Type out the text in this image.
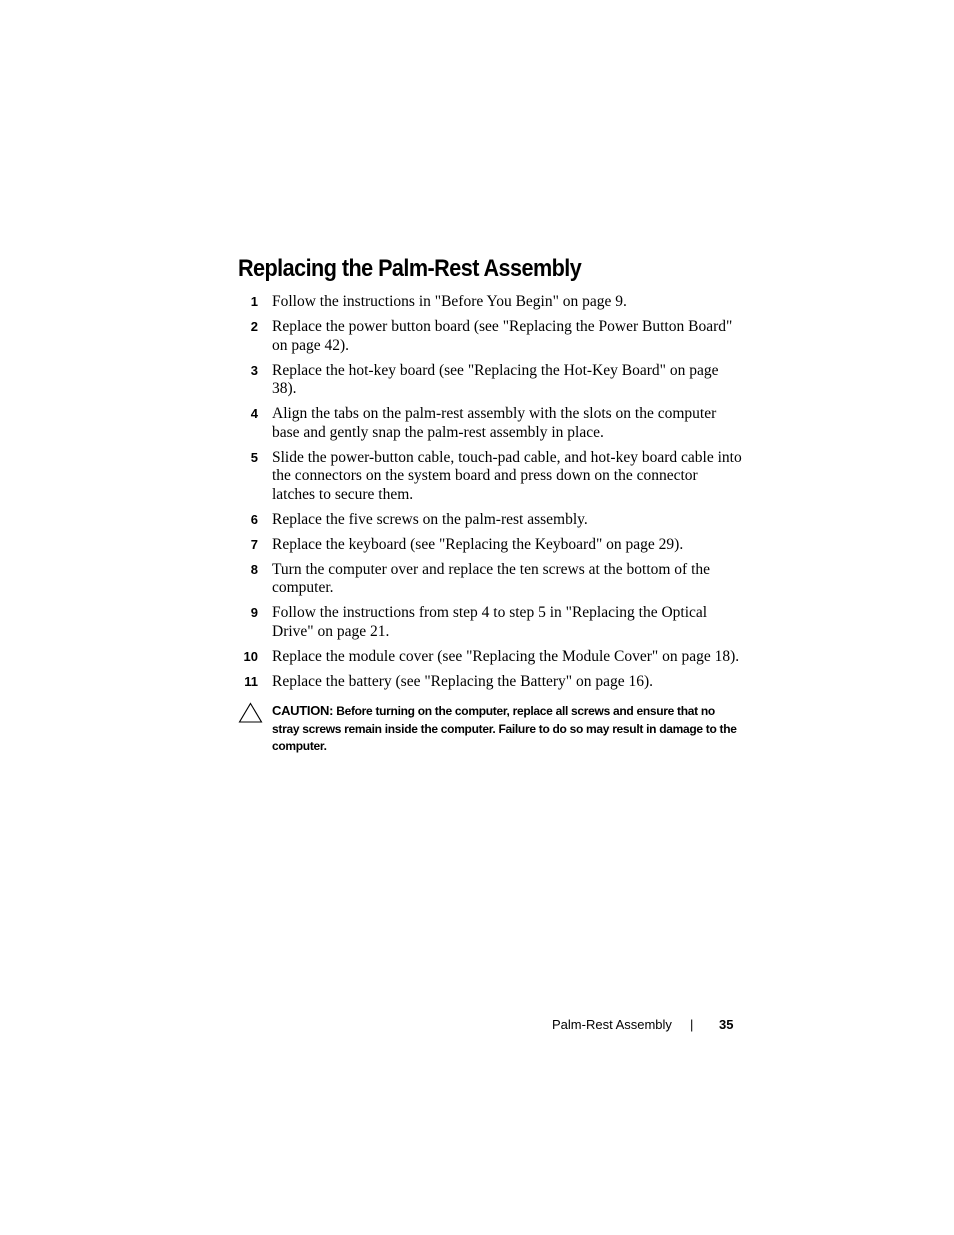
Replacing the Palm-Rest Assembly
1 Follow the instructions in "Before You Begin" on page 9.
2 Replace the power button board (see "Replacing the Power Button Board" on page 42).
3 Replace the hot-key board (see "Replacing the Hot-Key Board" on page 38).
4 Align the tabs on the palm-rest assembly with the slots on the computer base and gently snap the palm-rest assembly in place.
5 Slide the power-button cable, touch-pad cable, and hot-key board cable into the connectors on the system board and press down on the connector latches to secure them.
6 Replace the five screws on the palm-rest assembly.
7 Replace the keyboard (see "Replacing the Keyboard" on page 29).
8 Turn the computer over and replace the ten screws at the bottom of the computer.
9 Follow the instructions from step 4 to step 5 in "Replacing the Optical Drive" on page 21.
10 Replace the module cover (see "Replacing the Module Cover" on page 18).
11 Replace the battery (see "Replacing the Battery" on page 16).

CAUTION: Before turning on the computer, replace all screws and ensure that no stray screws remain inside the computer. Failure to do so may result in damage to the computer.

Palm-Rest Assembly | 35
